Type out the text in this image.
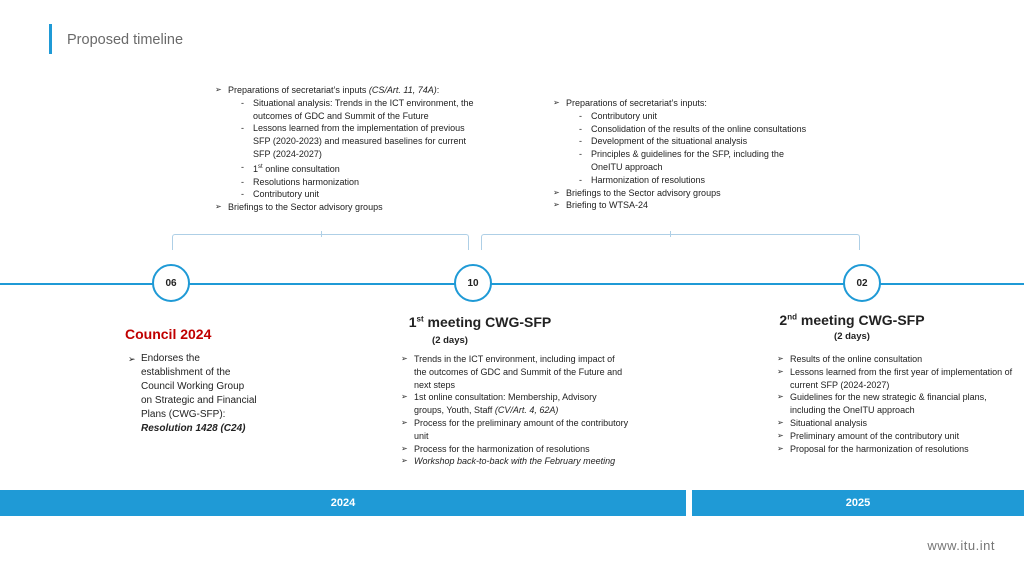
Proposed timeline
➢ Preparations of secretariat’s inputs (CS/Art. 11, 74A):
- Situational analysis: Trends in the ICT environment, the outcomes of GDC and Summit of the Future
- Lessons learned from the implementation of previous SFP (2020-2023) and measured baselines for current SFP (2024-2027)
- 1st online consultation
- Resolutions harmonization
- Contributory unit
➢ Briefings to the Sector advisory groups
➢ Preparations of secretariat’s inputs:
- Contributory unit
- Consolidation of the results of the online consultations
- Development of the situational analysis
- Principles & guidelines for the SFP, including the OneITU approach
- Harmonization of resolutions
➢ Briefings to the Sector advisory groups
➢ Briefing to WTSA-24
06	10	02
Council 2024
➢ Endorses the establishment of the Council Working Group on Strategic and Financial Plans (CWG-SFP): Resolution 1428 (C24)
1st meeting CWG-SFP
(2 days)
➢ Trends in the ICT environment, including impact of the outcomes of GDC and Summit of the Future and next steps
➢ 1st online consultation: Membership, Advisory groups, Youth, Staff (CV/Art. 4, 62A)
➢ Process for the preliminary amount of the contributory unit
➢ Process for the harmonization of resolutions
➢ Workshop back-to-back with the February meeting
2nd meeting CWG-SFP
(2 days)
➢ Results of the online consultation
➢ Lessons learned from the first year of implementation of current SFP (2024-2027)
➢ Guidelines for the new strategic & financial plans, including the OneITU approach
➢ Situational analysis
➢ Preliminary amount of the contributory unit
➢ Proposal for the harmonization of resolutions
2024	2025
www.itu.int
